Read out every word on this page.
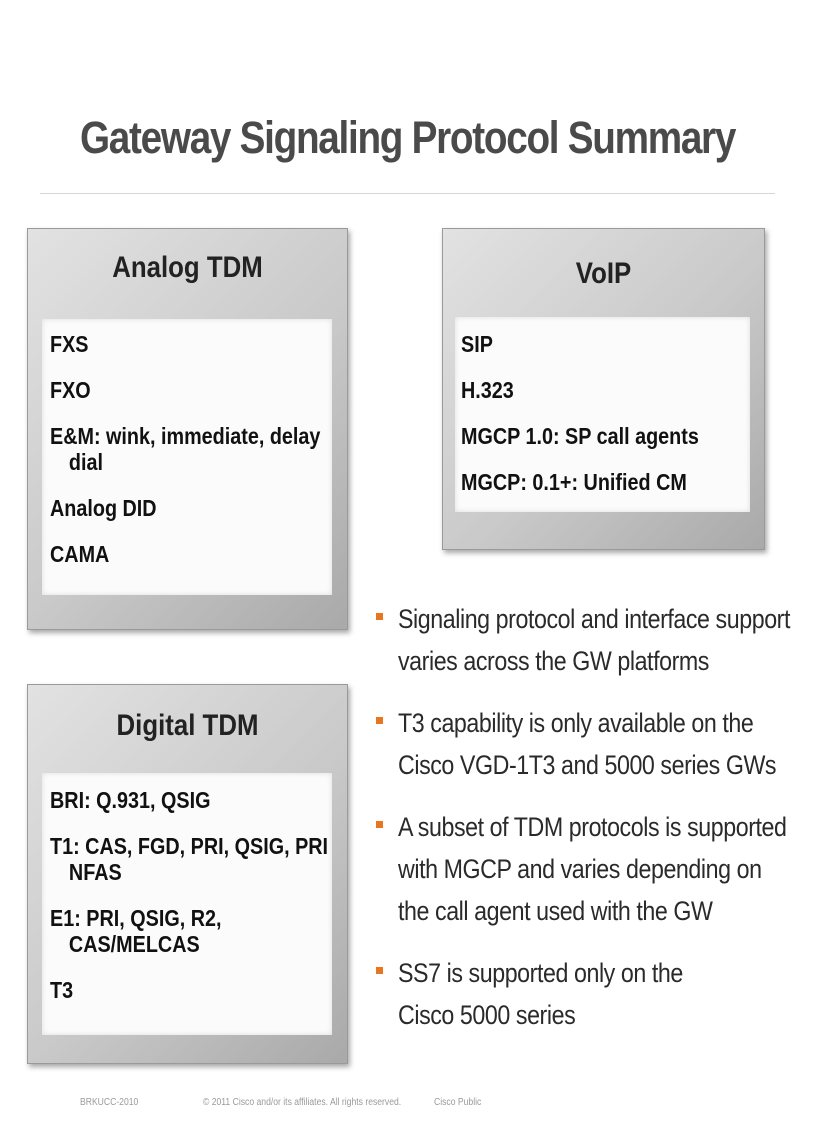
Gateway Signaling Protocol Summary
Analog TDM
FXS
FXO
E&M: wink, immediate, delay dial
Analog DID
CAMA
VoIP
SIP
H.323
MGCP 1.0: SP call agents
MGCP: 0.1+: Unified CM
Digital TDM
BRI: Q.931, QSIG
T1: CAS, FGD, PRI, QSIG, PRI NFAS
E1: PRI, QSIG, R2, CAS/MELCAS
T3
Signaling protocol and interface support varies across the GW platforms
T3 capability is only available on the Cisco VGD-1T3 and 5000 series GWs
A subset of TDM protocols is supported with MGCP and varies depending on the call agent used with the GW
SS7 is supported only on the Cisco 5000 series
BRKUCC-2010	© 2011 Cisco and/or its affiliates. All rights reserved.	Cisco Public
